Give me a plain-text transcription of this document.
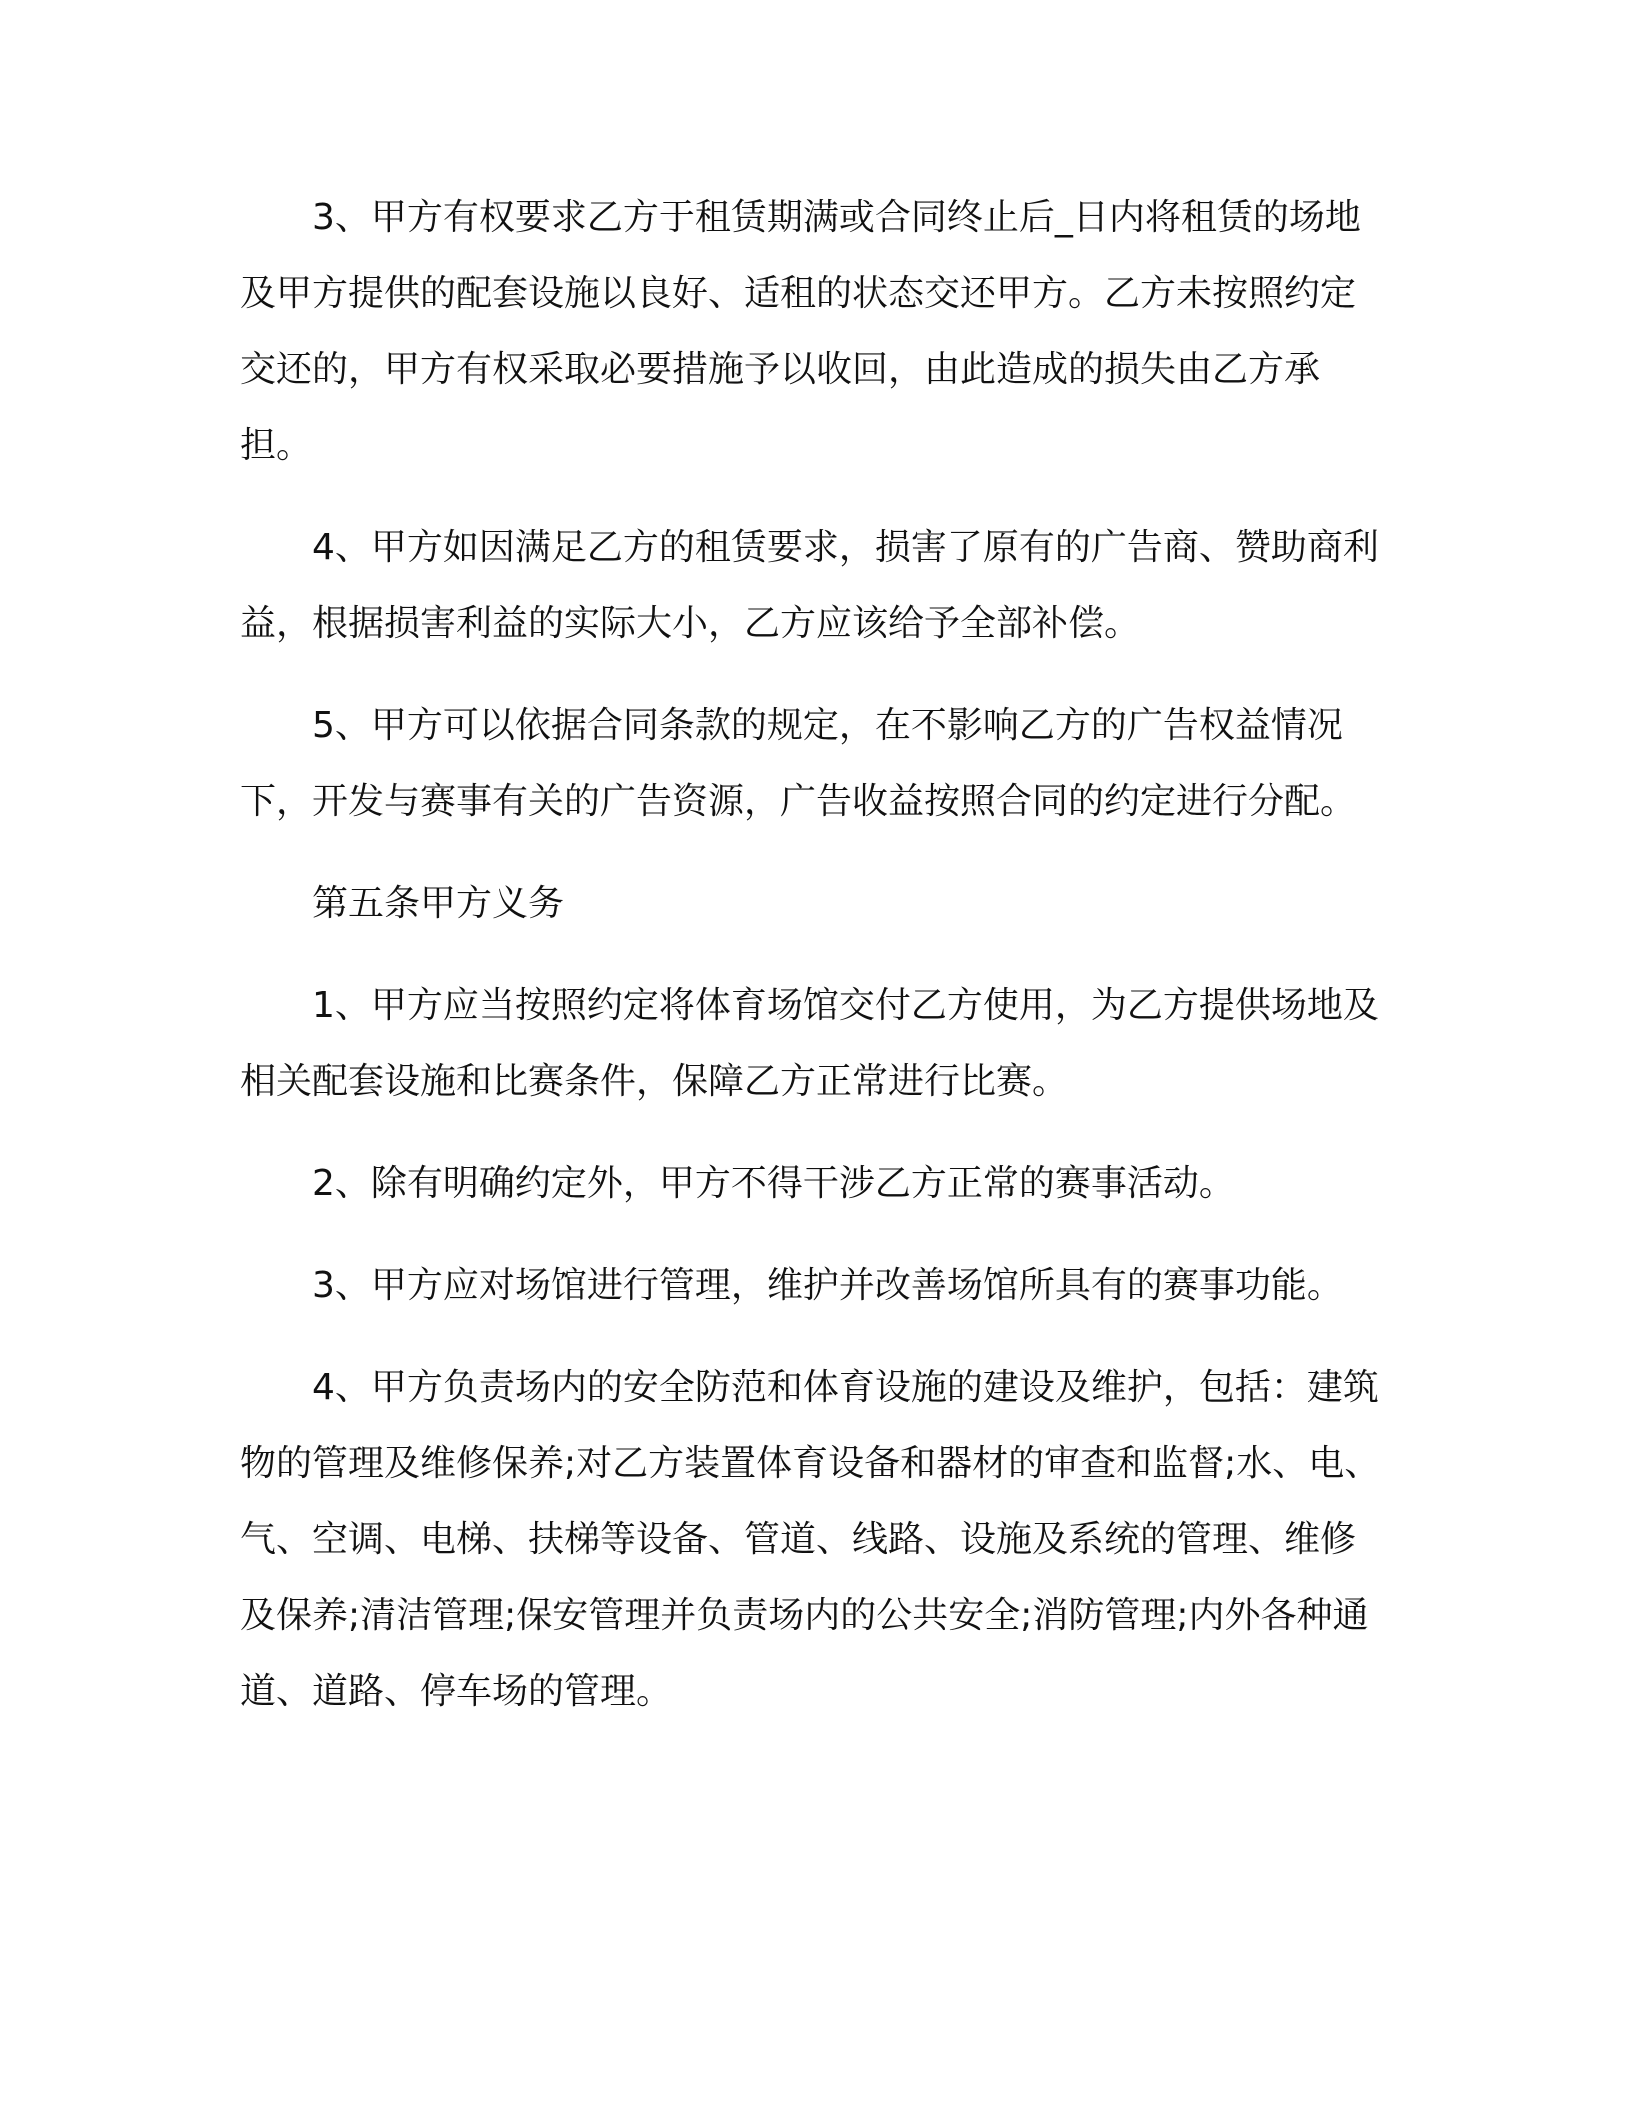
3、甲方有权要求乙方于租赁期满或合同终止后_日内将租赁的场地及甲方提供的配套设施以良好、适租的状态交还甲方。乙方未按照约定交还的，甲方有权采取必要措施予以收回，由此造成的损失由乙方承担。

4、甲方如因满足乙方的租赁要求，损害了原有的广告商、赞助商利益，根据损害利益的实际大小，乙方应该给予全部补偿。

5、甲方可以依据合同条款的规定，在不影响乙方的广告权益情况下，开发与赛事有关的广告资源，广告收益按照合同的约定进行分配。

第五条甲方义务

1、甲方应当按照约定将体育场馆交付乙方使用，为乙方提供场地及相关配套设施和比赛条件，保障乙方正常进行比赛。

2、除有明确约定外，甲方不得干涉乙方正常的赛事活动。

3、甲方应对场馆进行管理，维护并改善场馆所具有的赛事功能。

4、甲方负责场内的安全防范和体育设施的建设及维护，包括：建筑物的管理及维修保养;对乙方装置体育设备和器材的审查和监督;水、电、气、空调、电梯、扶梯等设备、管道、线路、设施及系统的管理、维修及保养;清洁管理;保安管理并负责场内的公共安全;消防管理;内外各种通道、道路、停车场的管理。
